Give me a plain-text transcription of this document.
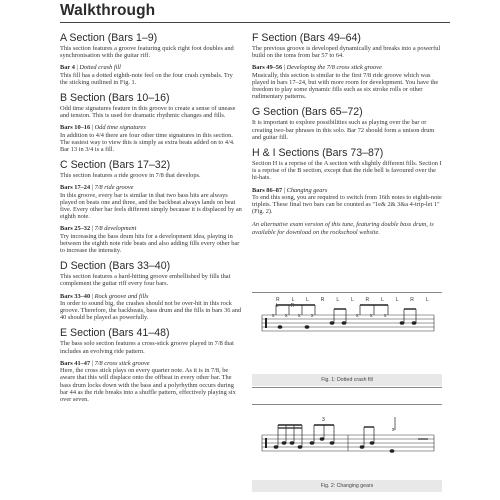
Walkthrough
A Section (Bars 1–9)

This section features a groove featuring quick right foot doubles and synchronisation with the guitar riff.

Bar 4 | Dotted crash fill

This fill has a dotted eighth-note feel on the four crash cymbals. Try the sticking outlined in Fig. 1.

B Section (Bars 10–16)

Odd time signatures feature in this groove to create a sense of unease and tension. This is used for dramatic rhythmic changes and fills.

Bars 10–16 | Odd time signatures

In addition to 4/4 there are four other time signatures in this section. The easiest way to view this is simply as extra beats added on to 4/4. Bar 13 in 3/4 is a fill.

C Section (Bars 17–32)

This section features a ride groove in 7/8 that develops.

Bars 17–24 | 7/8 ride groove

In this groove, every bar is similar in that two bass hits are always played on beats one and three, and the backbeat always lands on beat five. Every other bar feels different simply because it is displaced by an eighth note.

Bars 25–32 | 7/8 development

Try increasing the bass drum hits for a development idea, playing in between the eighth note ride beats and also adding fills every other bar to increase the intensity.

D Section (Bars 33–40)

This section features a hard-hitting groove embellished by fills that complement the guitar riff every four bars.

Bars 33–40 | Rock groove and fills

In order to sound big, the crashes should not be over-hit in this rock groove. Therefore, the backbeats, bass drum and the fills in bars 36 and 40 should be played as powerfully.

E Section (Bars 41–48)

The bass solo section features a cross-stick groove played in 7/8 that includes an evolving ride pattern.

Bars 41–47 | 7/8 cross stick groove

Here, the cross stick plays on every quarter note. As it is in 7/8, be aware that this will displace onto the offbeat in every other bar. The bass drum locks down with the bass and a polyrhythm occurs during bar 44 as the ride breaks into a shuffle pattern, effectively playing six over seven.

F Section (Bars 49–64)

The previous groove is developed dynamically and breaks into a powerful build on the toms from bar 57 to 64.

Bars 49–56 | Developing the 7/8 cross stick groove

Musically, this section is similar to the first 7/8 ride groove which was played in bars 17–24, but with more room for development. You have the freedom to play some dynamic fills such as six stroke rolls or other rudimentary patterns.

G Section (Bars 65–72)

It is important to explore possibilities such as playing over the bar or creating two-bar phrases in this solo. Bar 72 should form a unison drum and guitar fill.

H & I Sections (Bars 73–87)

Section H is a reprise of the A section with slightly different fills. Section I is a reprise of the B section, except that the ride bell is favoured over the hi-hats.

Bars 86–87 | Changing gears

To end this song, you are required to switch from 16th notes to eighth-note triplets. These final two bars can be counted as "1e& 2& 3&a 4-trip-let 1" (Fig. 2).

An alternative exam version of this tune, featuring double bass drum, is available for download on the rockschool website.

R L L R L L R L L R L L R
x x x x	x x x
Fig. 1: Dotted crash fill
3
x
Fig. 2: Changing gears
